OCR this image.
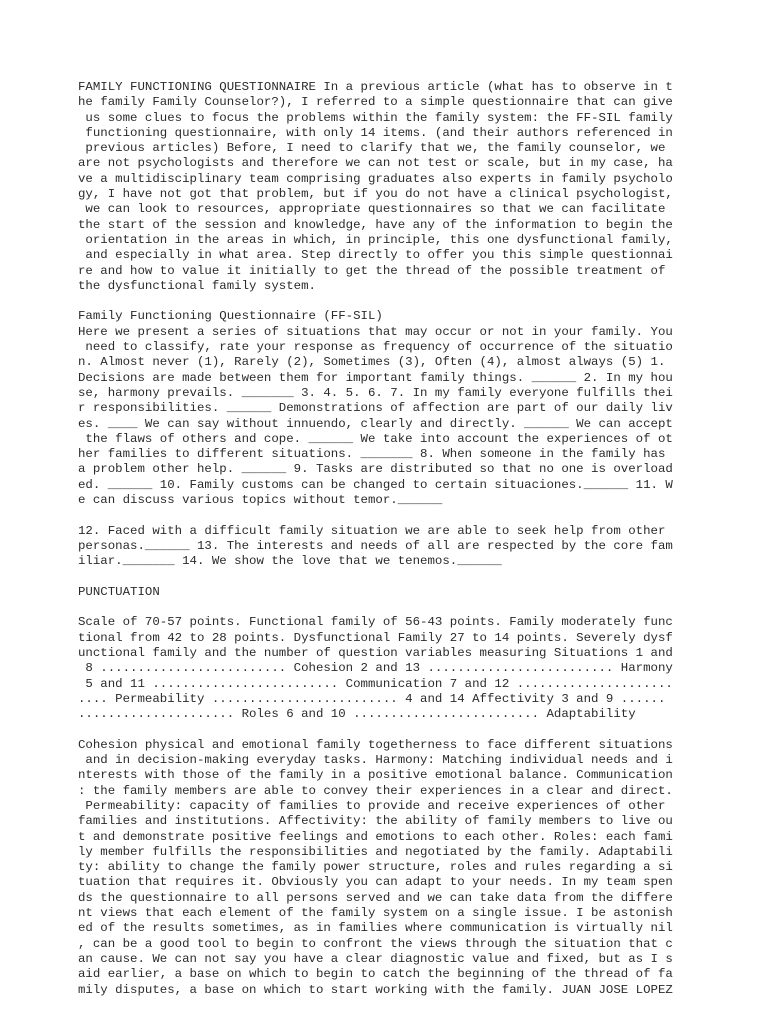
FAMILY FUNCTIONING QUESTIONNAIRE In a previous article (what has to observe in t
he family Family Counselor?), I referred to a simple questionnaire that can give
us some clues to focus the problems within the family system: the FF-SIL family
functioning questionnaire, with only 14 items. (and their authors referenced in
previous articles) Before, I need to clarify that we, the family counselor, we
are not psychologists and therefore we can not test or scale, but in my case, ha
ve a multidisciplinary team comprising graduates also experts in family psycholo
gy, I have not got that problem, but if you do not have a clinical psychologist,
we can look to resources, appropriate questionnaires so that we can facilitate
the start of the session and knowledge, have any of the information to begin the
orientation in the areas in which, in principle, this one dysfunctional family,
and especially in what area. Step directly to offer you this simple questionnai
re and how to value it initially to get the thread of the possible treatment of
the dysfunctional family system.
Family Functioning Questionnaire (FF-SIL)
Here we present a series of situations that may occur or not in your family. You
need to classify, rate your response as frequency of occurrence of the situatio
n. Almost never (1), Rarely (2), Sometimes (3), Often (4), almost always (5) 1.
Decisions are made between them for important family things. ______ 2. In my hou
se, harmony prevails. _______ 3. 4. 5. 6. 7. In my family everyone fulfills thei
r responsibilities. ______ Demonstrations of affection are part of our daily liv
es. ____ We can say without innuendo, clearly and directly. ______ We can accept
the flaws of others and cope. ______ We take into account the experiences of ot
her families to different situations. _______ 8. When someone in the family has
a problem other help. ______ 9. Tasks are distributed so that no one is overload
ed. ______ 10. Family customs can be changed to certain situaciones.______ 11. W
e can discuss various topics without temor.______
12. Faced with a difficult family situation we are able to seek help from other
personas.______ 13. The interests and needs of all are respected by the core fam
iliar._______ 14. We show the love that we tenemos.______
PUNCTUATION
Scale of 70-57 points. Functional family of 56-43 points. Family moderately func
tional from 42 to 28 points. Dysfunctional Family 27 to 14 points. Severely dysf
unctional family and the number of question variables measuring Situations 1 and
8 ......................... Cohesion 2 and 13 ......................... Harmony
5 and 11 ......................... Communication 7 and 12 .....................
.... Permeability ......................... 4 and 14 Affectivity 3 and 9 ......
..................... Roles 6 and 10 ......................... Adaptability
Cohesion physical and emotional family togetherness to face different situations
and in decision-making everyday tasks. Harmony: Matching individual needs and i
nterests with those of the family in a positive emotional balance. Communication
: the family members are able to convey their experiences in a clear and direct.
Permeability: capacity of families to provide and receive experiences of other
families and institutions. Affectivity: the ability of family members to live ou
t and demonstrate positive feelings and emotions to each other. Roles: each fami
ly member fulfills the responsibilities and negotiated by the family. Adaptabili
ty: ability to change the family power structure, roles and rules regarding a si
tuation that requires it. Obviously you can adapt to your needs. In my team spen
ds the questionnaire to all persons served and we can take data from the differe
nt views that each element of the family system on a single issue. I be astonish
ed of the results sometimes, as in families where communication is virtually nil
, can be a good tool to begin to confront the views through the situation that c
an cause. We can not say you have a clear diagnostic value and fixed, but as I s
aid earlier, a base on which to begin to catch the beginning of the thread of fa
mily disputes, a base on which to start working with the family. JUAN JOSE LOPEZ
